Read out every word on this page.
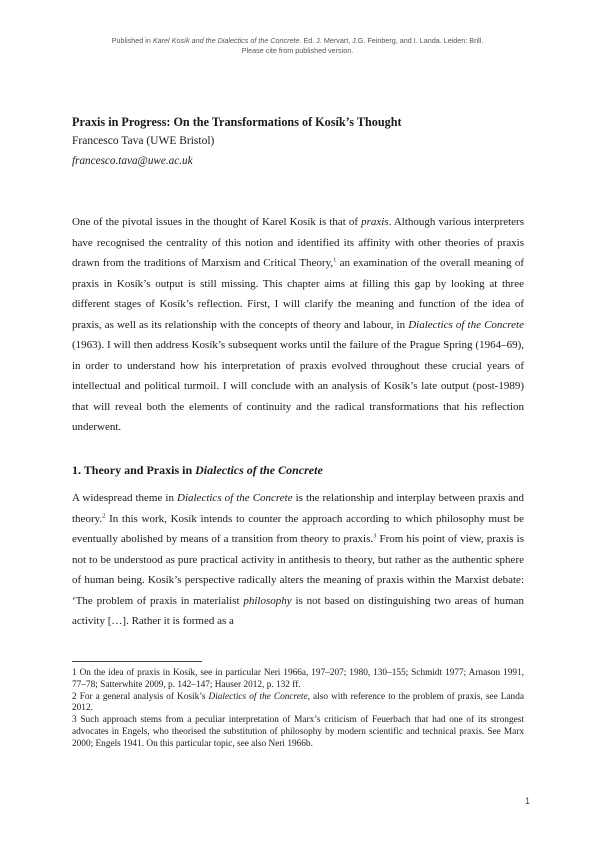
Published in Karel Kosík and the Dialectics of the Concrete. Ed. J. Mervart, J.G. Feinberg, and I. Landa. Leiden: Brill.
Please cite from published version.
Praxis in Progress: On the Transformations of Kosík’s Thought
Francesco Tava (UWE Bristol)
francesco.tava@uwe.ac.uk

One of the pivotal issues in the thought of Karel Kosík is that of praxis. Although various interpreters have recognised the centrality of this notion and identified its affinity with other theories of praxis drawn from the traditions of Marxism and Critical Theory,$^1$ an examination of the overall meaning of praxis in Kosík’s output is still missing. This chapter aims at filling this gap by looking at three different stages of Kosík’s reflection. First, I will clarify the meaning and function of the idea of praxis, as well as its relationship with the concepts of theory and labour, in Dialectics of the Concrete (1963). I will then address Kosík’s subsequent works until the failure of the Prague Spring (1964–69), in order to understand how his interpretation of praxis evolved throughout these crucial years of intellectual and political turmoil. I will conclude with an analysis of Kosík’s late output (post-1989) that will reveal both the elements of continuity and the radical transformations that his reflection underwent.

1. Theory and Praxis in Dialectics of the Concrete

A widespread theme in Dialectics of the Concrete is the relationship and interplay between praxis and theory.$^2$ In this work, Kosík intends to counter the approach according to which philosophy must be eventually abolished by means of a transition from theory to praxis.$^3$ From his point of view, praxis is not to be understood as pure practical activity in antithesis to theory, but rather as the authentic sphere of human being. Kosík’s perspective radically alters the meaning of praxis within the Marxist debate: ‘The problem of praxis in materialist philosophy is not based on distinguishing two areas of human activity […]. Rather it is formed as a

1 On the idea of praxis in Kosík, see in particular Neri 1966a, 197–207; 1980, 130–155; Schmidt 1977; Arnason 1991, 77–78; Satterwhite 2009, p. 142–147; Hauser 2012, p. 132 ff.

2 For a general analysis of Kosík’s Dialectics of the Concrete, also with reference to the problem of praxis, see Landa 2012.

3 Such approach stems from a peculiar interpretation of Marx’s criticism of Feuerbach that had one of its strongest advocates in Engels, who theorised the substitution of philosophy by modern scientific and technical praxis. See Marx 2000; Engels 1941. On this particular topic, see also Neri 1966b.

1
